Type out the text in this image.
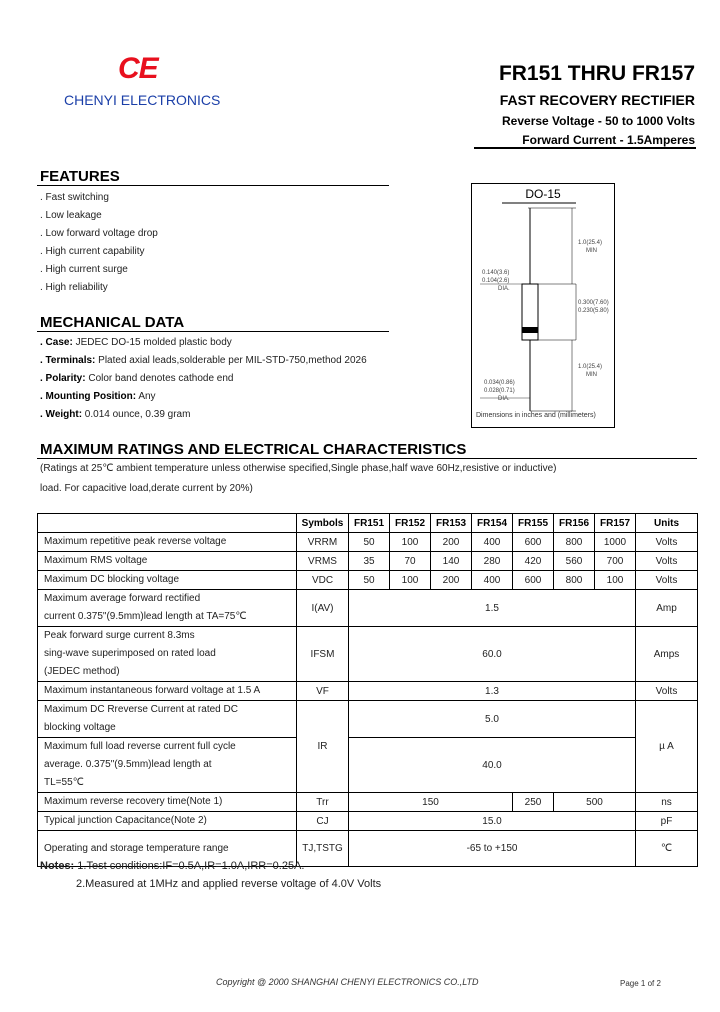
CE
CHENYI ELECTRONICS
FR151 THRU FR157
FAST RECOVERY RECTIFIER
Reverse Voltage - 50 to 1000 Volts
Forward Current - 1.5Amperes
FEATURES
. Fast switching
. Low leakage
. Low forward voltage drop
. High current capability
. High current surge
. High reliability
MECHANICAL DATA
. Case: JEDEC DO-15 molded plastic body
. Terminals: Plated axial leads,solderable per MIL-STD-750,method 2026
. Polarity: Color band denotes cathode end
. Mounting Position: Any
. Weight: 0.014 ounce, 0.39 gram
DO-15
1.0(25.4)
MIN
0.140(3.6)
0.104(2.6)
DIA.
0.300(7.60)
0.230(5.80)
1.0(25.4)
MIN
0.034(0.86)
0.028(0.71)
DIA.
Dimensions in inches and (millimeters)
MAXIMUM RATINGS AND ELECTRICAL CHARACTERISTICS
(Ratings at 25℃ ambient temperature unless otherwise specified,Single phase,half wave 60Hz,resistive or inductive)
load. For capacitive load,derate current by 20%)
	Symbols	FR151	FR152	FR153	FR154	FR155	FR156	FR157	Units
Maximum repetitive peak reverse voltage	VRRM	50	100	200	400	600	800	1000	Volts
Maximum RMS voltage	VRMS	35	70	140	280	420	560	700	Volts
Maximum DC blocking voltage	VDC	50	100	200	400	600	800	100	Volts

Maximum average forward rectified
current 0.375"(9.5mm)lead length at TA=75℃	I(AV)	1.5							Amp

Peak forward surge current 8.3ms
sing-wave superimposed on rated load
(JEDEC method)	IFSM	60.0							Amps
Maximum instantaneous forward voltage at 1.5 A	VF	1.3							Volts

Maximum DC Rreverse Current at rated DC
blocking voltage	IR	5.0							µ A

Maximum full load reverse current full cycle
average. 0.375"(9.5mm)lead length at
TL=55℃		40.0							
Maximum reverse recovery time(Note 1)	Trr	150				250	500		ns
Typical junction Capacitance(Note 2)	CJ	15.0							pF
Operating and storage temperature range	TJ,TSTG	-65 to +150							℃
Notes: 1.Test conditions:IF=0.5A,IR=1.0A,IRR=0.25A.
2.Measured at 1MHz and applied reverse voltage of 4.0V Volts
Copyright @ 2000 SHANGHAI CHENYI ELECTRONICS CO.,LTD	Page 1 of 2
